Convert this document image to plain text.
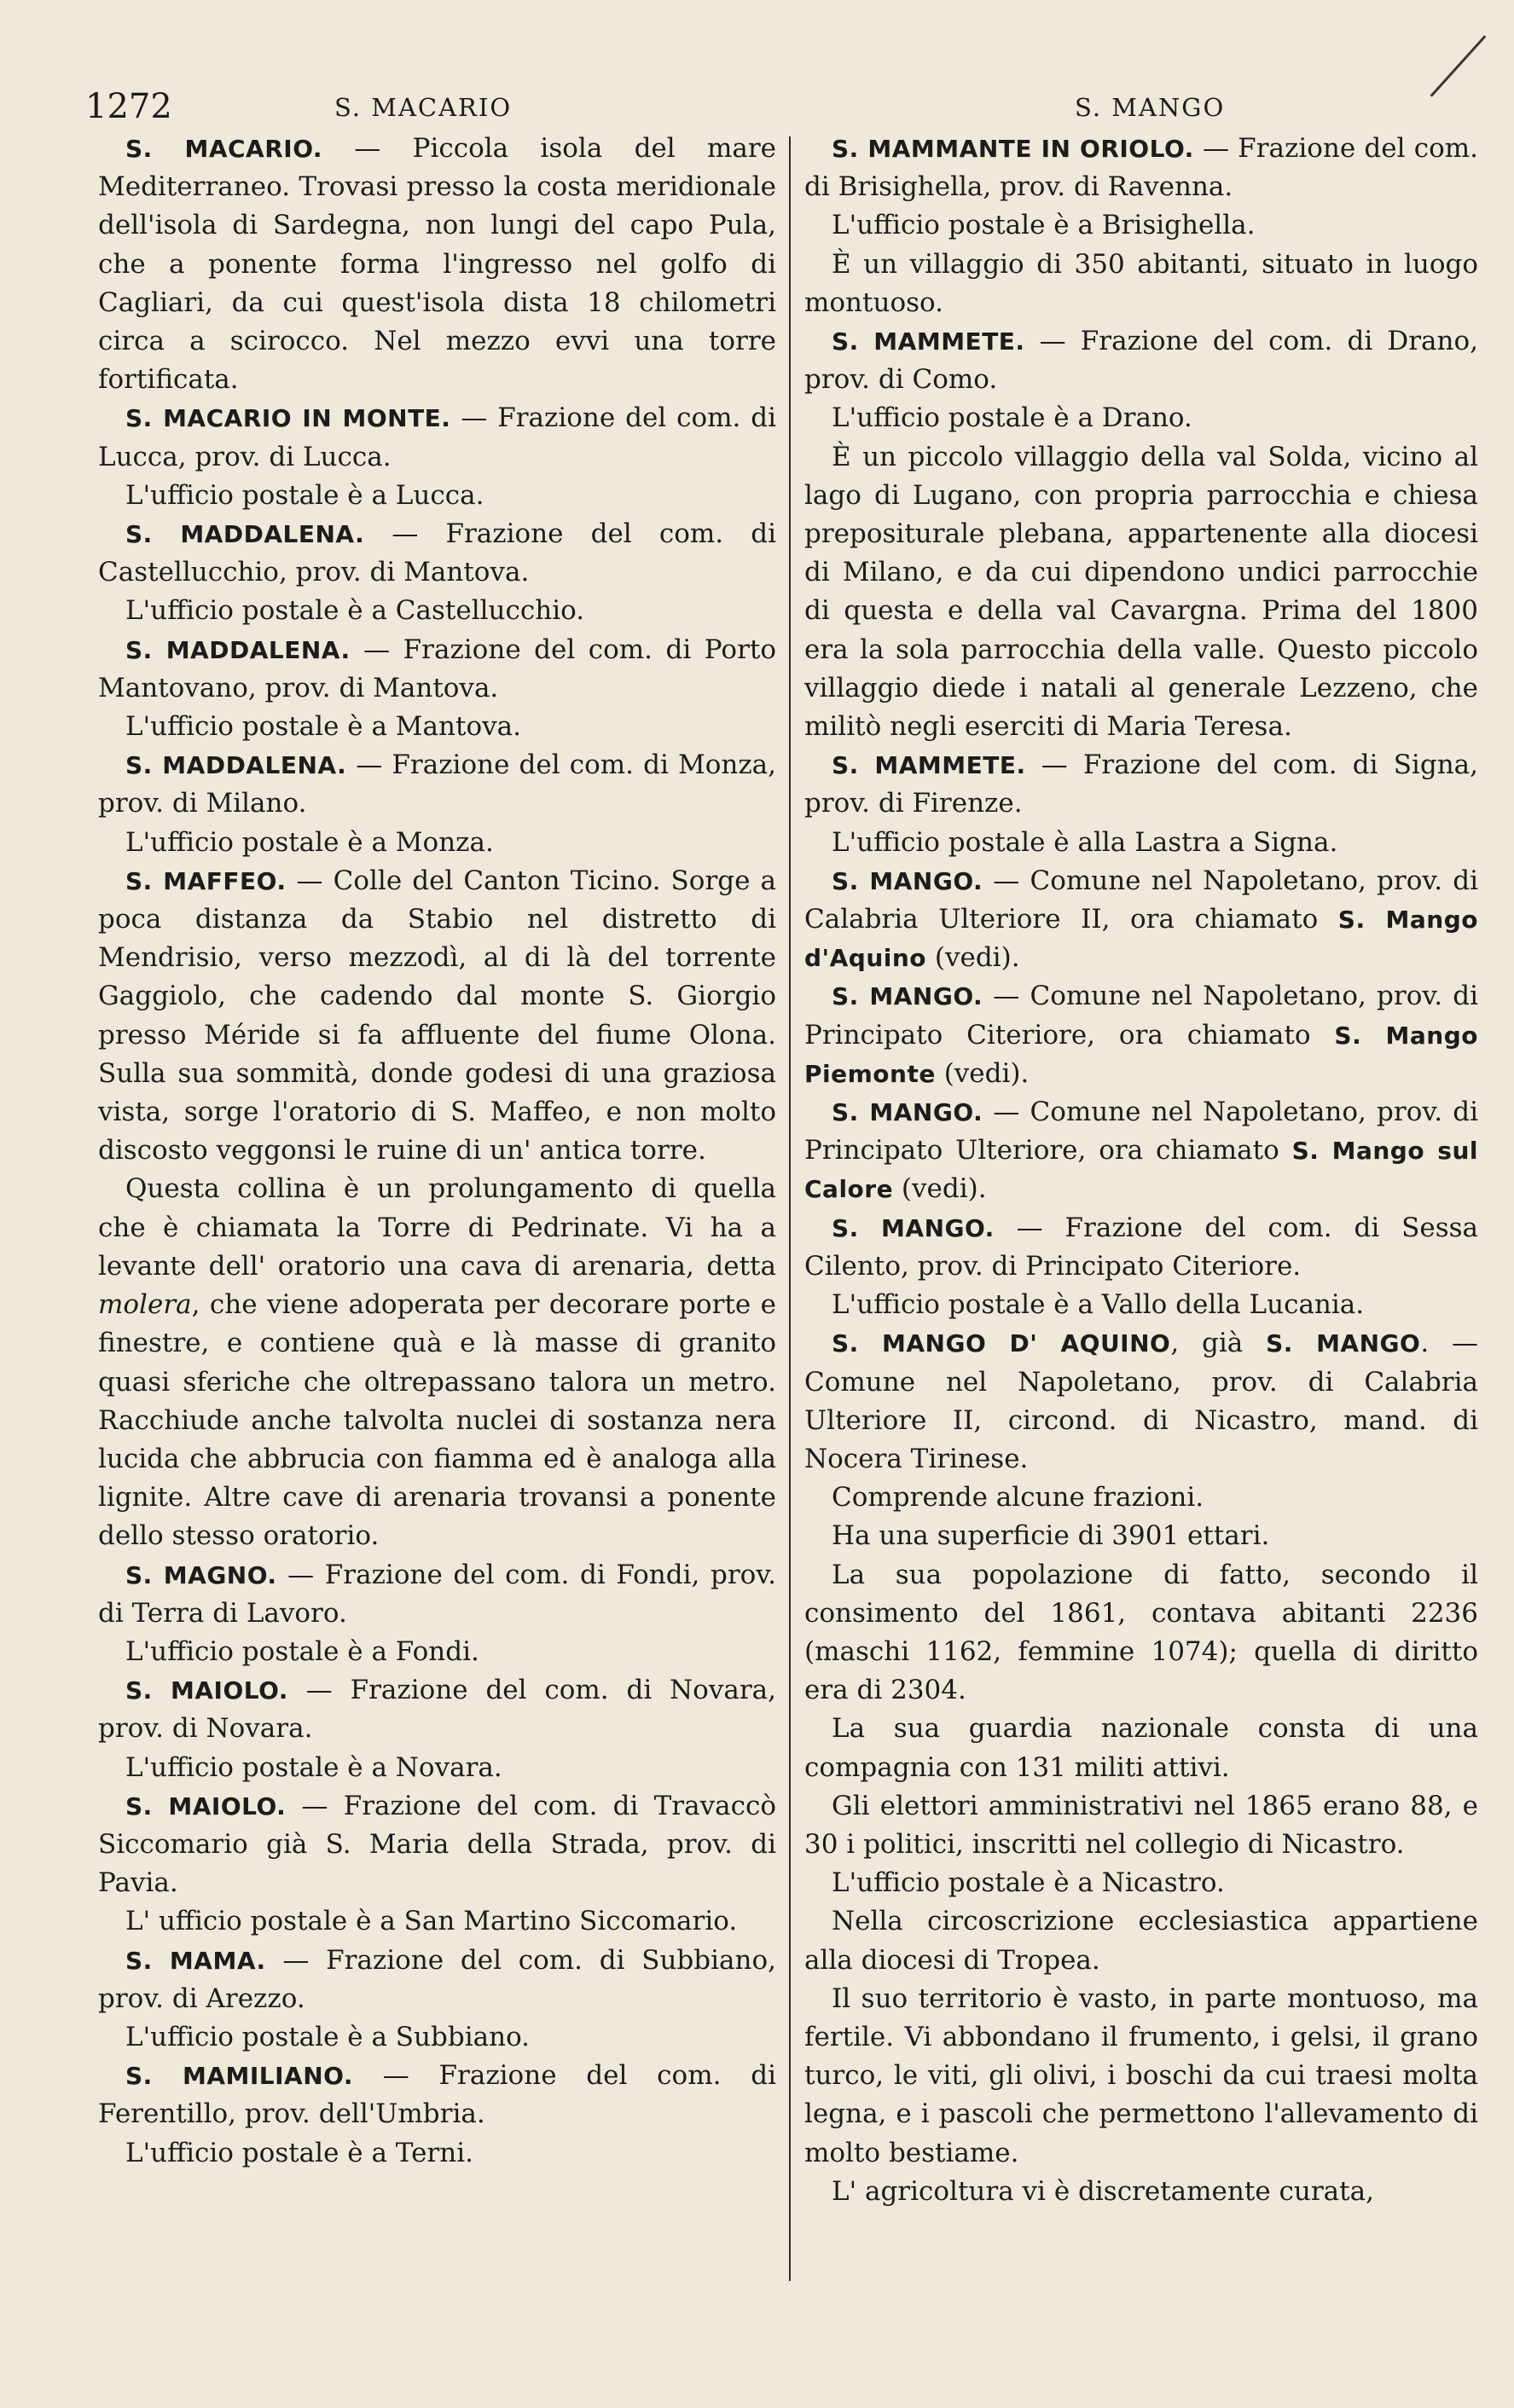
1272	S. MACARIO	S. MANGO

S. MACARIO. — Piccola isola del mare Mediterraneo. Trovasi presso la costa meridionale dell'isola di Sardegna, non lungi del capo Pula, che a ponente forma l'ingresso nel golfo di Cagliari, da cui quest'isola dista 18 chilometri circa a scirocco. Nel mezzo evvi una torre fortificata.

S. MACARIO IN MONTE. — Frazione del com. di Lucca, prov. di Lucca.

L'ufficio postale è a Lucca.

S. MADDALENA. — Frazione del com. di Castellucchio, prov. di Mantova.

L'ufficio postale è a Castellucchio.

S. MADDALENA. — Frazione del com. di Porto Mantovano, prov. di Mantova.

L'ufficio postale è a Mantova.

S. MADDALENA. — Frazione del com. di Monza, prov. di Milano.

L'ufficio postale è a Monza.

S. MAFFEO. — Colle del Canton Ticino. Sorge a poca distanza da Stabio nel distretto di Mendrisio, verso mezzodì, al di là del torrente Gaggiolo, che cadendo dal monte S. Giorgio presso Méride si fa affluente del fiume Olona. Sulla sua sommità, donde godesi di una graziosa vista, sorge l'oratorio di S. Maffeo, e non molto discosto veggonsi le ruine di un' antica torre.

Questa collina è un prolungamento di quella che è chiamata la Torre di Pedrinate. Vi ha a levante dell' oratorio una cava di arenaria, detta molera, che viene adoperata per decorare porte e finestre, e contiene quà e là masse di granito quasi sferiche che oltrepassano talora un metro. Racchiude anche talvolta nuclei di sostanza nera lucida che abbrucia con fiamma ed è analoga alla lignite. Altre cave di arenaria trovansi a ponente dello stesso oratorio.

S. MAGNO. — Frazione del com. di Fondi, prov. di Terra di Lavoro.

L'ufficio postale è a Fondi.

S. MAIOLO. — Frazione del com. di Novara, prov. di Novara.

L'ufficio postale è a Novara.

S. MAIOLO. — Frazione del com. di Travaccò Siccomario già S. Maria della Strada, prov. di Pavia.

L' ufficio postale è a San Martino Siccomario.

S. MAMA. — Frazione del com. di Subbiano, prov. di Arezzo.

L'ufficio postale è a Subbiano.

S. MAMILIANO. — Frazione del com. di Ferentillo, prov. dell'Umbria.

L'ufficio postale è a Terni.

S. MAMMANTE IN ORIOLO. — Frazione del com. di Brisighella, prov. di Ravenna.

L'ufficio postale è a Brisighella.

È un villaggio di 350 abitanti, situato in luogo montuoso.

S. MAMMETE. — Frazione del com. di Drano, prov. di Como.

L'ufficio postale è a Drano.

È un piccolo villaggio della val Solda, vicino al lago di Lugano, con propria parrocchia e chiesa prepositurale plebana, appartenente alla diocesi di Milano, e da cui dipendono undici parrocchie di questa e della val Cavargna. Prima del 1800 era la sola parrocchia della valle. Questo piccolo villaggio diede i natali al generale Lezzeno, che militò negli eserciti di Maria Teresa.

S. MAMMETE. — Frazione del com. di Signa, prov. di Firenze.

L'ufficio postale è alla Lastra a Signa.

S. MANGO. — Comune nel Napoletano, prov. di Calabria Ulteriore II, ora chiamato S. Mango d'Aquino (vedi).

S. MANGO. — Comune nel Napoletano, prov. di Principato Citeriore, ora chiamato S. Mango Piemonte (vedi).

S. MANGO. — Comune nel Napoletano, prov. di Principato Ulteriore, ora chiamato S. Mango sul Calore (vedi).

S. MANGO. — Frazione del com. di Sessa Cilento, prov. di Principato Citeriore.

L'ufficio postale è a Vallo della Lucania.

S. MANGO D' AQUINO, già S. MANGO. — Comune nel Napoletano, prov. di Calabria Ulteriore II, circond. di Nicastro, mand. di Nocera Tirinese.

Comprende alcune frazioni.

Ha una superficie di 3901 ettari.

La sua popolazione di fatto, secondo il consimento del 1861, contava abitanti 2236 (maschi 1162, femmine 1074); quella di diritto era di 2304.

La sua guardia nazionale consta di una compagnia con 131 militi attivi.

Gli elettori amministrativi nel 1865 erano 88, e 30 i politici, inscritti nel collegio di Nicastro.

L'ufficio postale è a Nicastro.

Nella circoscrizione ecclesiastica appartiene alla diocesi di Tropea.

Il suo territorio è vasto, in parte montuoso, ma fertile. Vi abbondano il frumento, i gelsi, il grano turco, le viti, gli olivi, i boschi da cui traesi molta legna, e i pascoli che permettono l'allevamento di molto bestiame.

L' agricoltura vi è discretamente curata,
